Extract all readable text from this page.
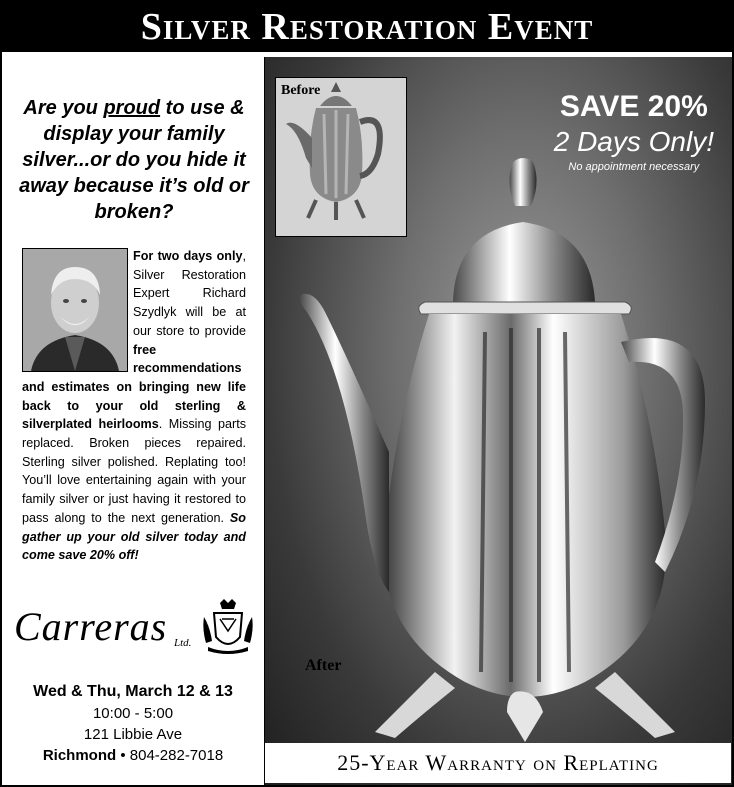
Silver Restoration Event
Are you proud to use & display your family silver...or do you hide it away because it’s old or broken?
For two days only, Silver Restoration Expert Richard Szydlyk will be at our store to provide free recommendations and estimates on bringing new life back to your old sterling & silverplated heirlooms. Missing parts replaced. Broken pieces repaired. Sterling silver polished. Replating too! You’ll love entertaining again with your family silver or just having it restored to pass along to the next generation. So gather up your old silver today and come save 20% off!
Carreras Ltd.
Wed & Thu, March 12 & 13
10:00 - 5:00
121 Libbie Ave
Richmond • 804-282-7018
Before	SAVE 20%
2 Days Only!
No appointment necessary
After
25-Year Warranty on Replating
